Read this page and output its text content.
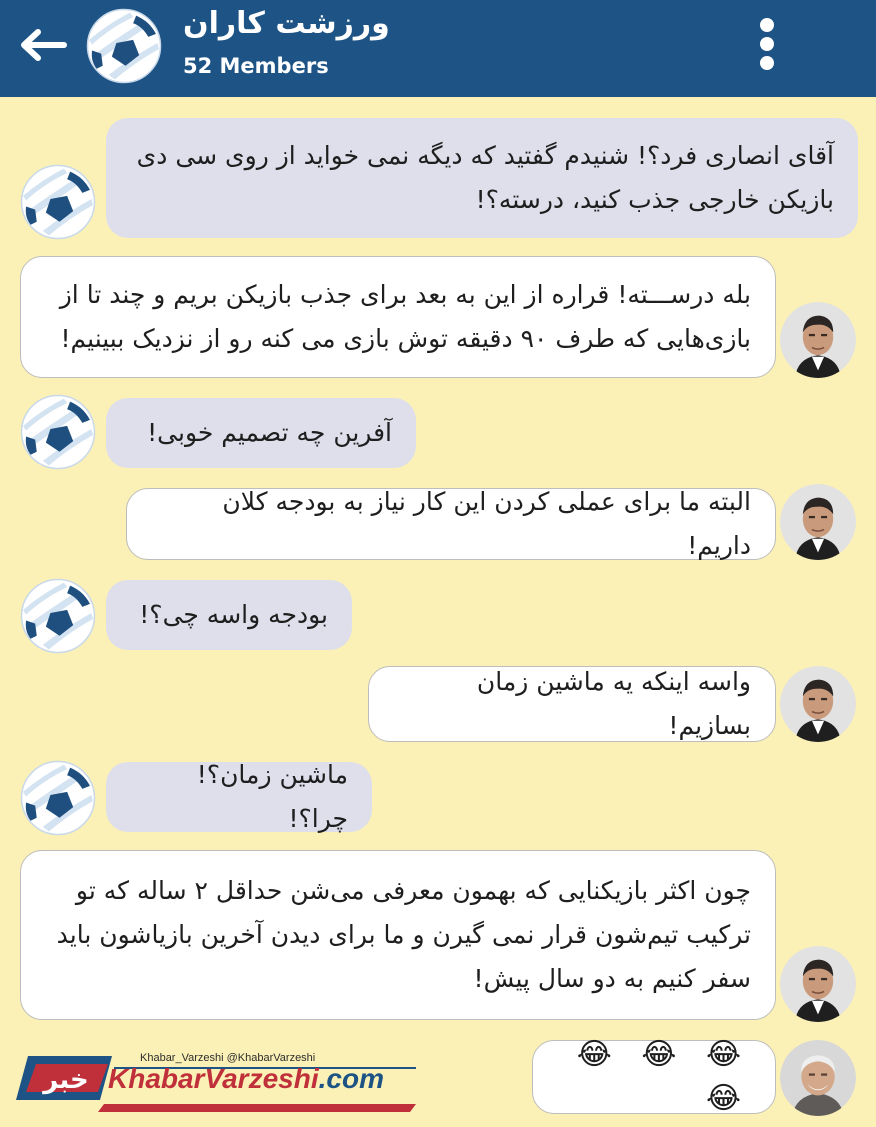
ورزشت کاران
52 Members
آقای انصاری فرد؟! شنیدم گفتید که دیگه نمی خواید از روی سی دی
بازیکن خارجی جذب کنید، درسته؟!
بله درســـته! قراره از این به بعد برای جذب بازیکن بریم و چند تا از
بازی‌هایی که طرف ۹۰ دقیقه توش بازی می کنه رو از نزدیک ببینیم!
آفرین چه تصمیم خوبی!
البته ما برای عملی کردن این کار نیاز به بودجه کلان داریم!
بودجه واسه چی؟!
واسه اینکه یه ماشین زمان بسازیم!
ماشین زمان؟! چرا؟!
چون اکثر بازیکنایی که بهمون معرفی می‌شن حداقل ۲ ساله که تو
ترکیب تیم‌شون قرار نمی گیرن و ما برای دیدن آخرین بازیاشون باید
سفر کنیم به دو سال پیش!
😂 😂 😂 😂
خبر
Khabar_Varzeshi @KhabarVarzeshi
KhabarVarzeshi.com
